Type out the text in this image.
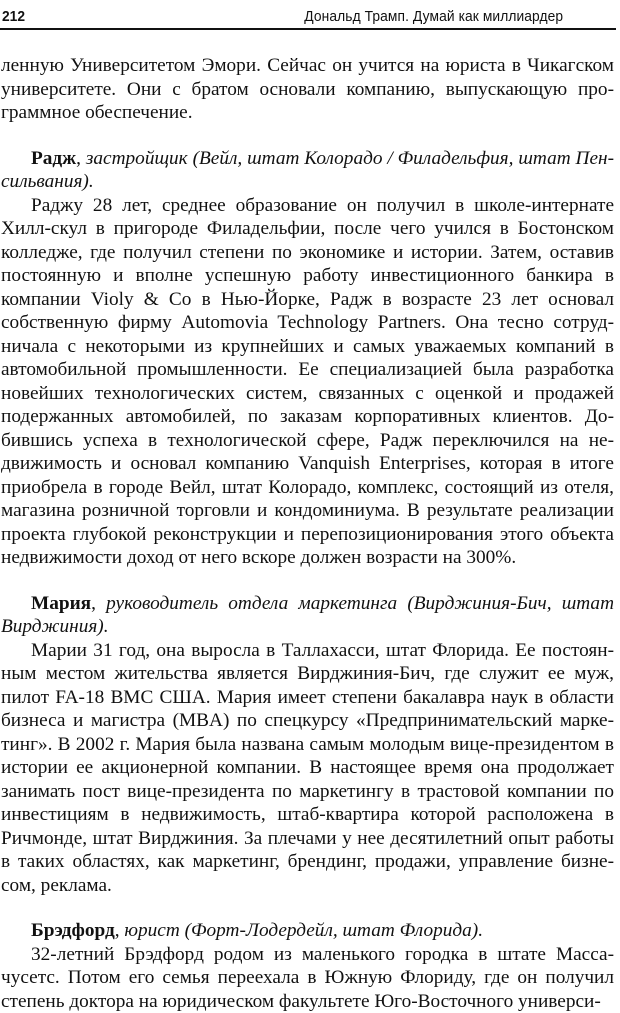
212	Дональд Трамп. Думай как миллиардер

ленную Университетом Эмори. Сейчас он учится на юриста в Чикагском университете. Они с братом основали компанию, выпускающую программное обеспечение.

Радж, застройщик (Вейл, штат Колорадо / Филадельфия, штат Пенсильвания).

Раджу 28 лет, среднее образование он получил в школе-интернате Хилл-скул в пригороде Филадельфии, после чего учился в Бостонском колледже, где получил степени по экономике и истории. Затем, оставив постоянную и вполне успешную работу инвестиционного банкира в компании Violy & Co в Нью-Йорке, Радж в возрасте 23 лет основал собственную фирму Automovia Technology Partners. Она тесно сотрудничала с некоторыми из крупнейших и самых уважаемых компаний в автомобильной промышленности. Ее специализацией была разработка новейших технологических систем, связанных с оценкой и продажей подержанных автомобилей, по заказам корпоративных клиентов. Добившись успеха в технологической сфере, Радж переключился на недвижимость и основал компанию Vanquish Enterprises, которая в итоге приобрела в городе Вейл, штат Колорадо, комплекс, состоящий из отеля, магазина розничной торговли и кондоминиума. В результате реализации проекта глубокой реконструкции и перепозиционирования этого объекта недвижимости доход от него вскоре должен возрасти на 300%.

Мария, руководитель отдела маркетинга (Вирджиния-Бич, штат Вирджиния).

Марии 31 год, она выросла в Таллахасси, штат Флорида. Ее постоянным местом жительства является Вирджиния-Бич, где служит ее муж, пилот FA-18 ВМС США. Мария имеет степени бакалавра наук в области бизнеса и магистра (MBA) по спецкурсу «Предпринимательский маркетинг». В 2002 г. Мария была названа самым молодым вице-президентом в истории ее акционерной компании. В настоящее время она продолжает занимать пост вице-президента по маркетингу в трастовой компании по инвестициям в недвижимость, штаб-квартира которой расположена в Ричмонде, штат Вирджиния. За плечами у нее десятилетний опыт работы в таких областях, как маркетинг, брендинг, продажи, управление бизнесом, реклама.

Брэдфорд, юрист (Форт-Лодердейл, штат Флорида).

32-летний Брэдфорд родом из маленького городка в штате Массачусетс. Потом его семья переехала в Южную Флориду, где он получил степень доктора на юридическом факультете Юго-Восточного универси-
